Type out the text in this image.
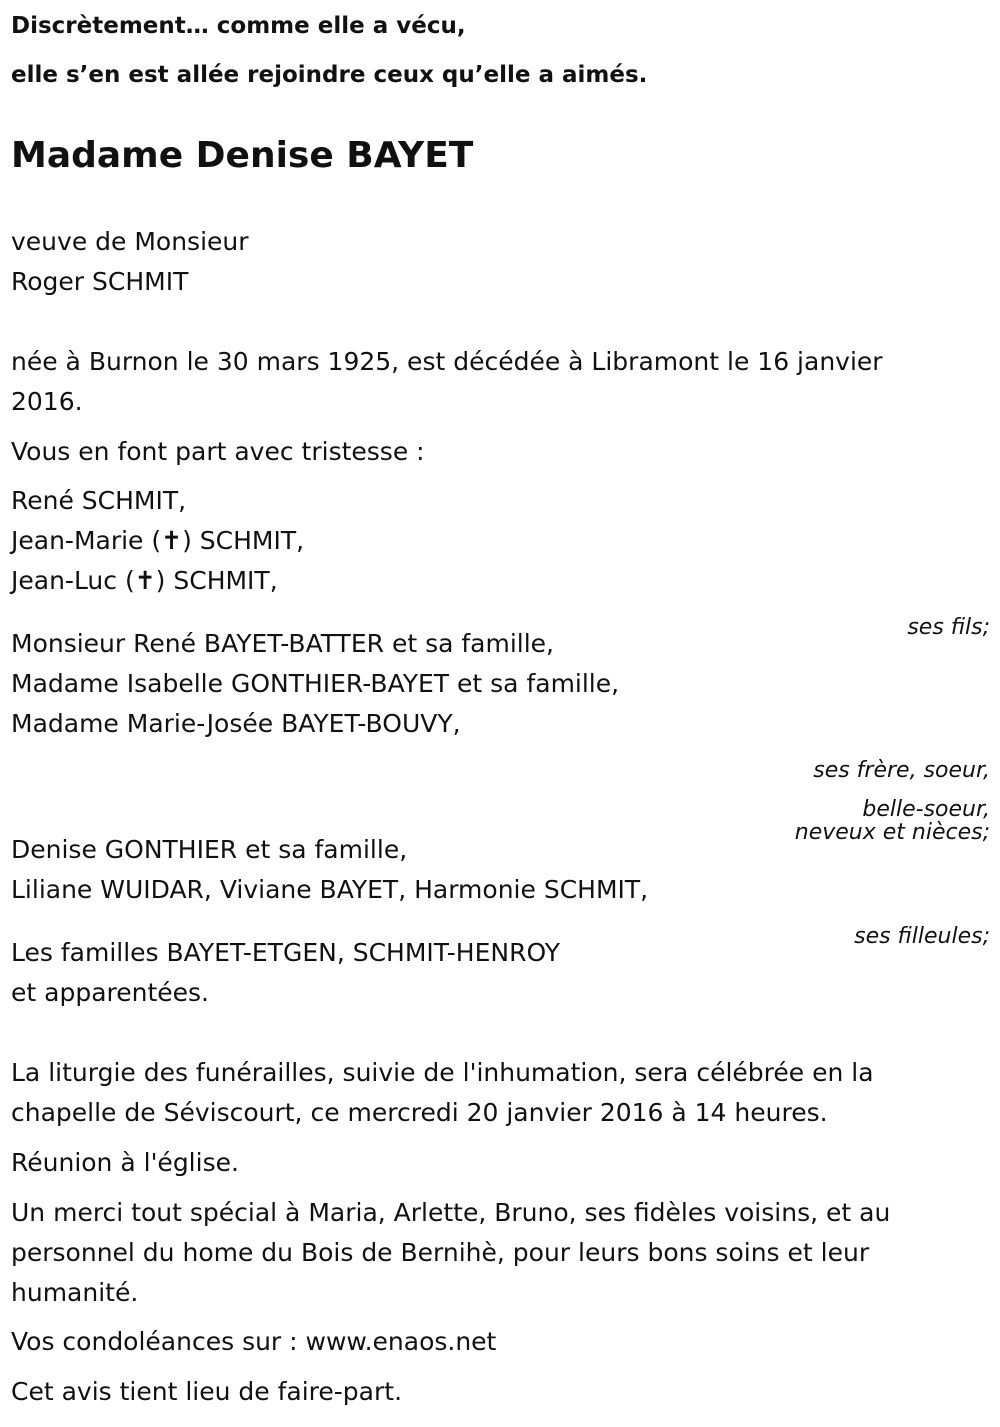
Discrètement… comme elle a vécu,

elle s’en est allée rejoindre ceux qu’elle a aimés.

Madame Denise BAYET

veuve de Monsieur

Roger SCHMIT

née à Burnon le 30 mars 1925, est décédée à Libramont le 16 janvier

2016.

Vous en font part avec tristesse :

René SCHMIT,

Jean-Marie (✝) SCHMIT,

Jean-Luc (✝) SCHMIT,

ses fils;

Monsieur René BAYET-BATTER et sa famille,

Madame Isabelle GONTHIER-BAYET et sa famille,

Madame Marie-Josée BAYET-BOUVY,

ses frère, soeur,

belle-soeur,

neveux et nièces;

Denise GONTHIER et sa famille,

Liliane WUIDAR, Viviane BAYET, Harmonie SCHMIT,

ses filleules;

Les familles BAYET-ETGEN, SCHMIT-HENROY

et apparentées.

La liturgie des funérailles, suivie de l'inhumation, sera célébrée en la

chapelle de Séviscourt, ce mercredi 20 janvier 2016 à 14 heures.

Réunion à l'église.

Un merci tout spécial à Maria, Arlette, Bruno, ses fidèles voisins, et au

personnel du home du Bois de Bernihè, pour leurs bons soins et leur

humanité.

Vos condoléances sur : www.enaos.net

Cet avis tient lieu de faire-part.
